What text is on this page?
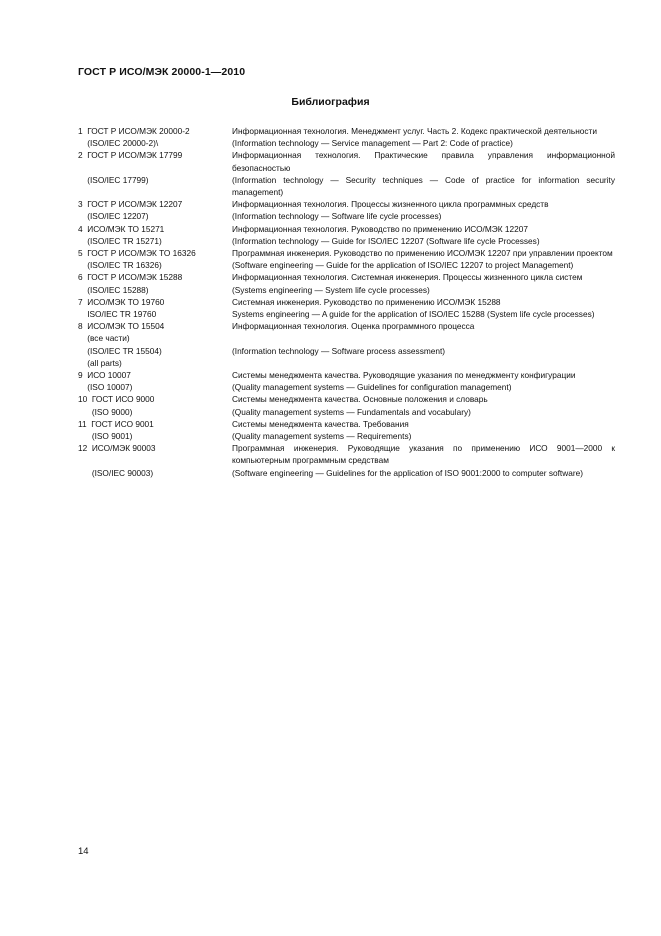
ГОСТ Р ИСО/МЭК 20000-1—2010
Библиография
1  ГОСТ Р ИСО/МЭК 20000-2	Информационная технология. Менеджмент услуг. Часть 2. Кодекс практической деятельности
(ISO/IEC 20000-2)\	(Information technology — Service management — Part 2: Code of practice)
2  ГОСТ Р ИСО/МЭК 17799	Информационная технология. Практические правила управления информационной безопасностью
(ISO/IEC 17799)	(Information technology — Security techniques — Code of practice for information security management)
3  ГОСТ Р ИСО/МЭК 12207	Информационная технология. Процессы жизненного цикла программных средств
(ISO/IEC 12207)	(Information technology — Software life cycle processes)
4  ИСО/МЭК ТО 15271	Информационная технология. Руководство по применению ИСО/МЭК 12207
(ISO/IEC TR 15271)	(Information technology — Guide for ISO/IEC 12207 (Software life cycle Processes)
5  ГОСТ Р ИСО/МЭК ТО 16326	Программная инженерия. Руководство по применению ИСО/МЭК 12207 при управлении проектом
(ISO/IEC TR 16326)	(Software engineering — Guide for the application of ISO/IEC 12207 to project Management)
6  ГОСТ Р ИСО/МЭК 15288	Информационная технология. Системная инженерия. Процессы жизненного цикла систем
(ISO/IEC 15288)	(Systems engineering — System life cycle processes)
7  ИСО/МЭК ТО 19760	Системная инженерия. Руководство по применению ИСО/МЭК 15288
ISO/IEC TR 19760	Systems engineering — A guide for the application of ISO/IEC 15288 (System life cycle processes)
8  ИСО/МЭК ТО 15504	Информационная технология. Оценка программного процесса
(все части)
(ISO/IEC TR 15504)	(Information technology — Software process assessment)
(all parts)
9  ИСО 10007	Системы менеджмента качества. Руководящие указания по менеджменту конфигурации
(ISO 10007)	(Quality management systems — Guidelines for configuration management)
10  ГОСТ ИСО 9000	Системы менеджмента качества. Основные положения и словарь
(ISO 9000)	(Quality management systems — Fundamentals and vocabulary)
11  ГОСТ ИСО 9001	Системы менеджмента качества. Требования
(ISO 9001)	(Quality management systems — Requirements)
12  ИСО/МЭК 90003	Программная инженерия. Руководящие указания по применению ИСО 9001—2000 к компьютерным программным средствам
(ISO/IEC 90003)	(Software engineering — Guidelines for the application of ISO 9001:2000 to computer software)
14
